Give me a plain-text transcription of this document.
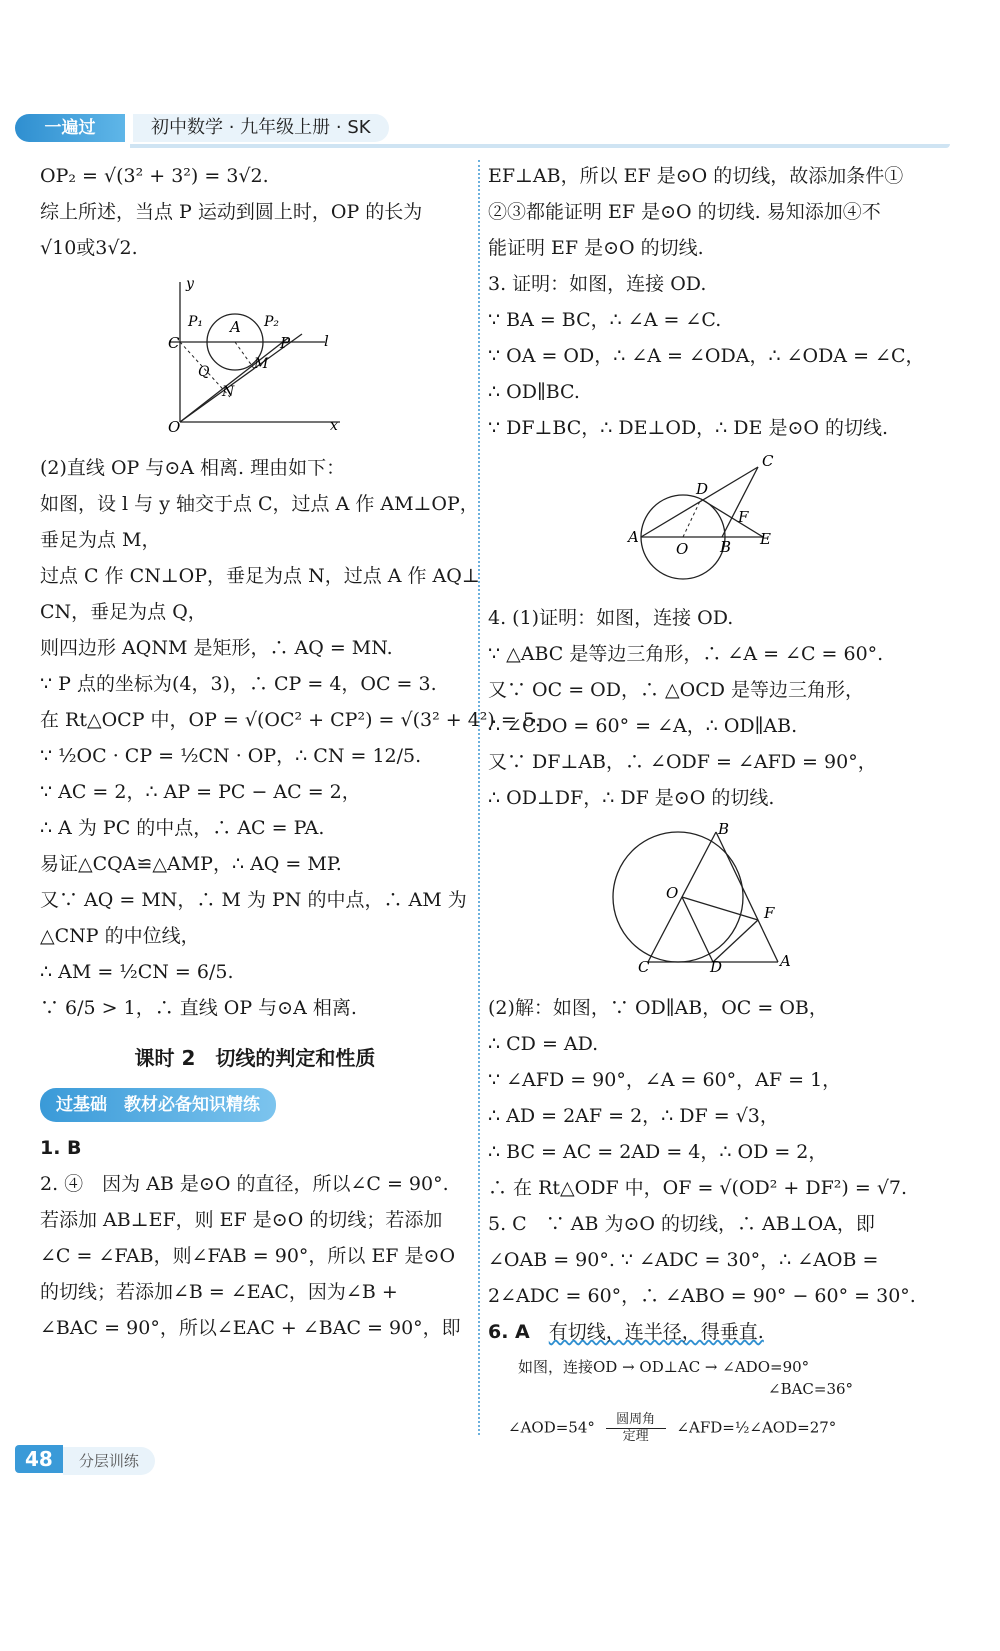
一遍过	初中数学 · 九年级上册 · SK
OP₂ = √(3² + 3²) = 3√2.
综上所述，当点 P 运动到圆上时，OP 的长为
√10或3√2.
y
x
O
C
P₁ A P₂
P l
Q	M
N
(2)直线 OP 与⊙A 相离. 理由如下：
如图，设 l 与 y 轴交于点 C，过点 A 作 AM⊥OP，
垂足为点 M，
过点 C 作 CN⊥OP，垂足为点 N，过点 A 作 AQ⊥
CN，垂足为点 Q，
则四边形 AQNM 是矩形，∴ AQ = MN.
∵ P 点的坐标为(4，3)，∴ CP = 4，OC = 3.
在 Rt△OCP 中，OP = √(OC² + CP²) = √(3² + 4²) = 5.
∵ ½OC · CP = ½CN · OP，∴ CN = 12/5.
∵ AC = 2，∴ AP = PC − AC = 2，
∴ A 为 PC 的中点，∴ AC = PA.
易证△CQA≌△AMP，∴ AQ = MP.
又∵ AQ = MN，∴ M 为 PN 的中点，∴ AM 为
△CNP 的中位线，
∴ AM = ½CN = 6/5.
∵ 6/5 > 1，∴ 直线 OP 与⊙A 相离.
课时 2　切线的判定和性质
过基础　教材必备知识精练
1. B
2. ④　因为 AB 是⊙O 的直径，所以∠C = 90°.
若添加 AB⊥EF，则 EF 是⊙O 的切线；若添加
∠C = ∠FAB，则∠FAB = 90°，所以 EF 是⊙O
的切线；若添加∠B = ∠EAC，因为∠B +
∠BAC = 90°，所以∠EAC + ∠BAC = 90°，即
EF⊥AB，所以 EF 是⊙O 的切线，故添加条件①
②③都能证明 EF 是⊙O 的切线. 易知添加④不
能证明 EF 是⊙O 的切线.
3. 证明：如图，连接 OD.
∵ BA = BC，∴ ∠A = ∠C.
∵ OA = OD，∴ ∠A = ∠ODA，∴ ∠ODA = ∠C，
∴ OD∥BC.
∵ DF⊥BC，∴ DE⊥OD，∴ DE 是⊙O 的切线.
A
O B E
D
F
C
4. (1)证明：如图，连接 OD.
∵ △ABC 是等边三角形，∴ ∠A = ∠C = 60°.
又∵ OC = OD，∴ △OCD 是等边三角形，
∴ ∠CDO = 60° = ∠A，∴ OD∥AB.
又∵ DF⊥AB，∴ ∠ODF = ∠AFD = 90°，
∴ OD⊥DF，∴ DF 是⊙O 的切线.
B
O
F
C	D	A
(2)解：如图，∵ OD∥AB，OC = OB，
∴ CD = AD.
∵ ∠AFD = 90°，∠A = 60°，AF = 1，
∴ AD = 2AF = 2，∴ DF = √3，
∴ BC = AC = 2AD = 4，∴ OD = 2，
∴ 在 Rt△ODF 中，OF = √(OD² + DF²) = √7.
5. C　∵ AB 为⊙O 的切线，∴ AB⊥OA，即
∠OAB = 90°. ∵ ∠ADC = 30°，∴ ∠AOB =
2∠ADC = 60°，∴ ∠ABO = 90° − 60° = 30°.
6. A　有切线，连半径，得垂直.
如图，连接OD → OD⊥AC → ∠ADO=90°
∠BAC=36°
∠AOD=54° 圆周角

定理 ∠AFD=½∠AOD=27°
48 分层训练
